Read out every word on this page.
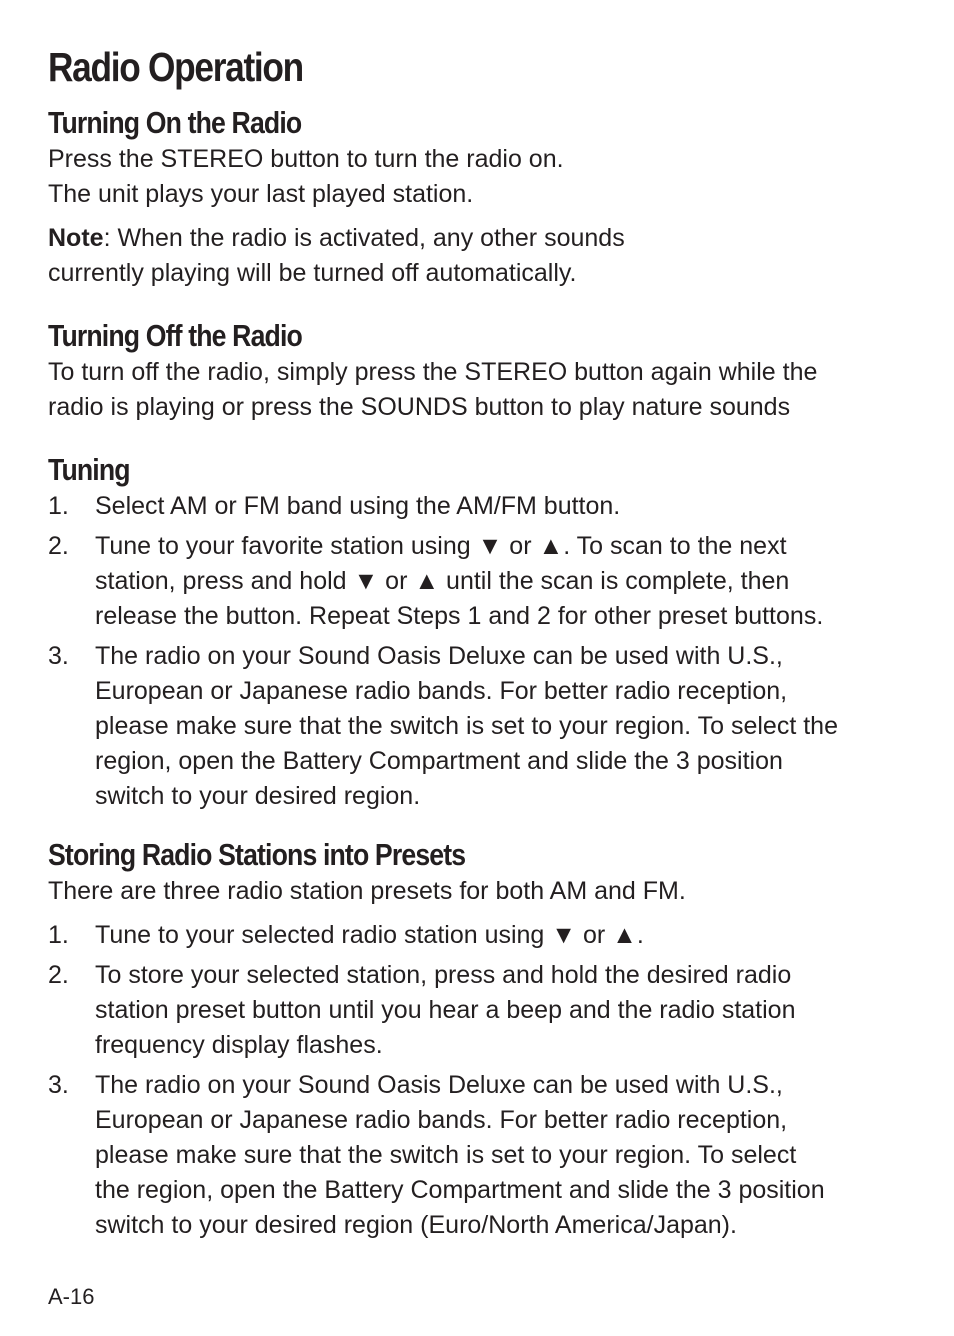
Radio Operation
Turning On the Radio
Press the STEREO button to turn the radio on.
The unit plays your last played station.
Note: When the radio is activated, any other sounds
currently playing will be turned off automatically.
Turning Off the Radio
To turn off the radio, simply press the STEREO button again while the
radio is playing or press the SOUNDS button to play nature sounds
Tuning
1. Select AM or FM band using the AM/FM button.
2. Tune to your favorite station using ▼ or ▲. To scan to the next
station, press and hold ▼ or ▲ until the scan is complete, then
release the button. Repeat Steps 1 and 2 for other preset buttons.
3. The radio on your Sound Oasis Deluxe can be used with U.S.,
European or Japanese radio bands. For better radio reception,
please make sure that the switch is set to your region. To select the
region, open the Battery Compartment and slide the 3 position
switch to your desired region.
Storing Radio Stations into Presets
There are three radio station presets for both AM and FM.
1. Tune to your selected radio station using ▼ or ▲.
2. To store your selected station, press and hold the desired radio
station preset button until you hear a beep and the radio station
frequency display flashes.
3. The radio on your Sound Oasis Deluxe can be used with U.S.,
European or Japanese radio bands. For better radio reception,
please make sure that the switch is set to your region. To select
the region, open the Battery Compartment and slide the 3 position
switch to your desired region (Euro/North America/Japan).
A-16
